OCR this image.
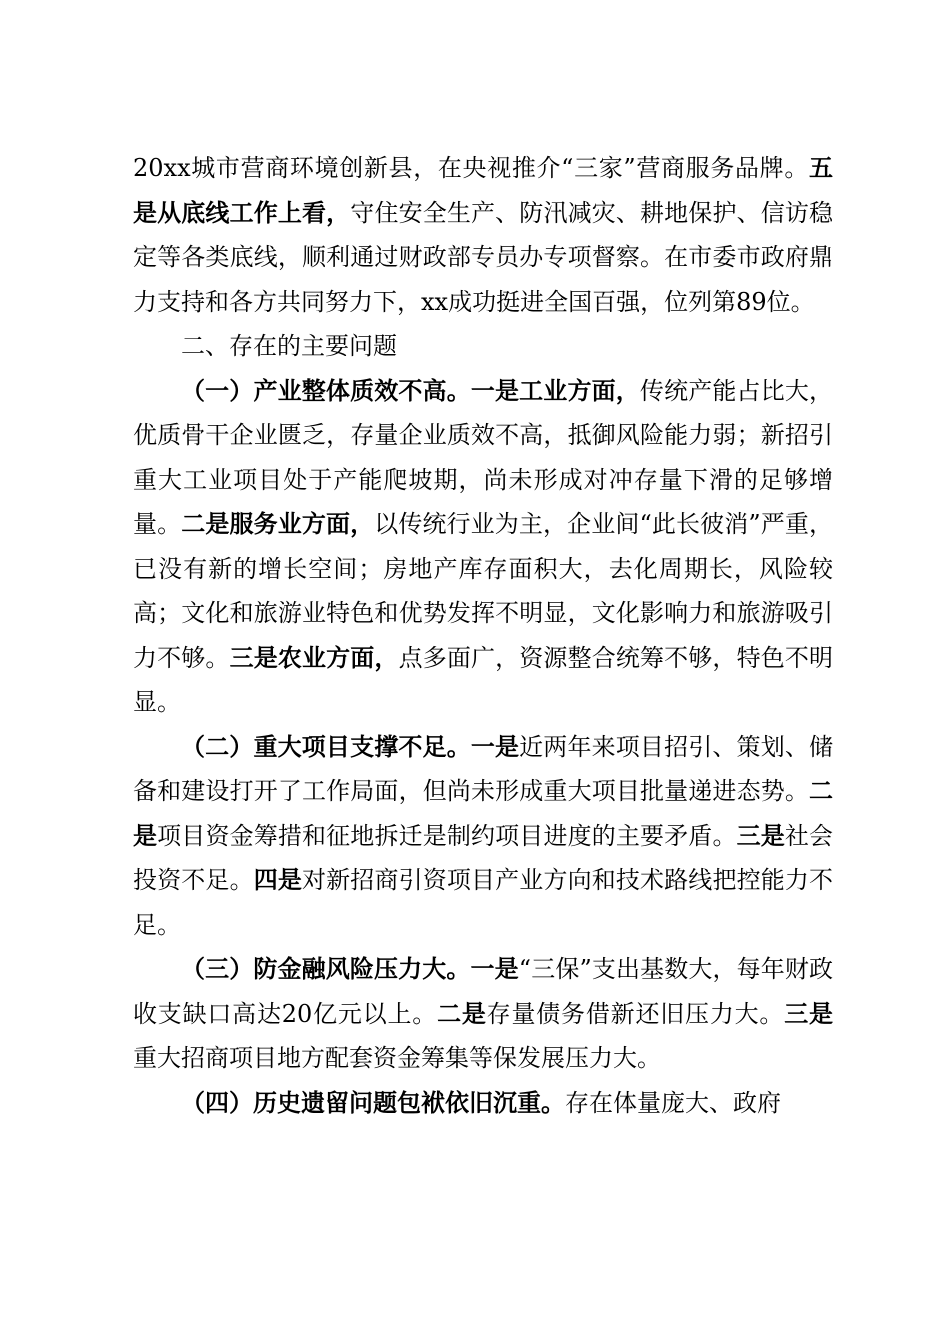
20xx城市营商环境创新县，在央视推介“三家”营商服务品牌。五是从底线工作上看，守住安全生产、防汛减灾、耕地保护、信访稳定等各类底线，顺利通过财政部专员办专项督察。在市委市政府鼎力支持和各方共同努力下，xx成功挺进全国百强，位列第89位。

二、存在的主要问题

（一）产业整体质效不高。一是工业方面，传统产能占比大，优质骨干企业匮乏，存量企业质效不高，抵御风险能力弱；新招引重大工业项目处于产能爬坡期，尚未形成对冲存量下滑的足够增量。二是服务业方面，以传统行业为主，企业间“此长彼消”严重，已没有新的增长空间；房地产库存面积大，去化周期长，风险较高；文化和旅游业特色和优势发挥不明显，文化影响力和旅游吸引力不够。三是农业方面，点多面广，资源整合统筹不够，特色不明显。

（二）重大项目支撑不足。一是近两年来项目招引、策划、储备和建设打开了工作局面，但尚未形成重大项目批量递进态势。二是项目资金筹措和征地拆迁是制约项目进度的主要矛盾。三是社会投资不足。四是对新招商引资项目产业方向和技术路线把控能力不足。

（三）防金融风险压力大。一是“三保”支出基数大，每年财政收支缺口高达20亿元以上。二是存量债务借新还旧压力大。三是重大招商项目地方配套资金筹集等保发展压力大。

（四）历史遗留问题包袱依旧沉重。存在体量庞大、政府
